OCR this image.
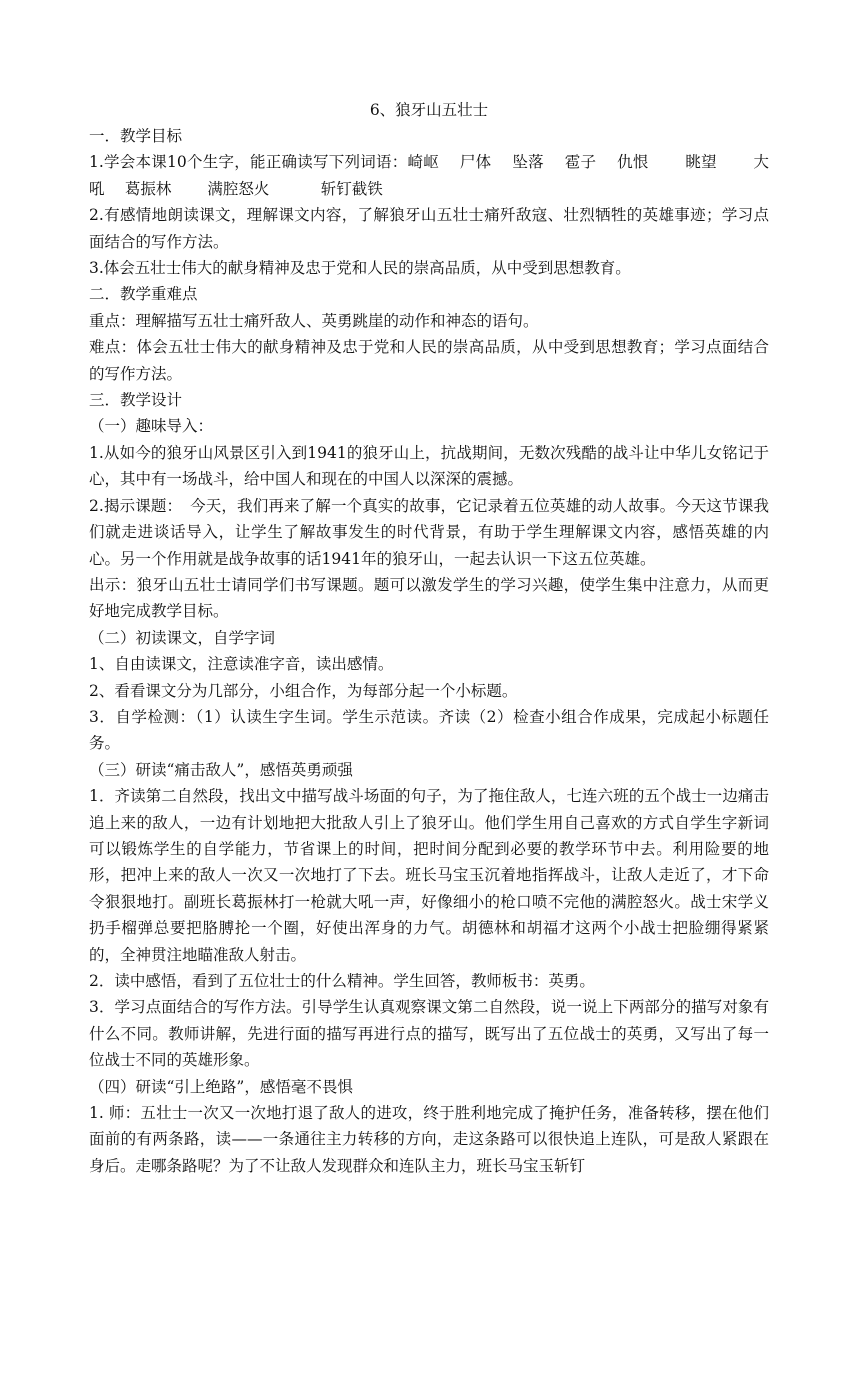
6、狼牙山五壮士

一．教学目标

1.学会本课10个生字，能正确读写下列词语：崎岖　 尸体　 坠落　 雹子　 仇恨　　 眺望　　 大吼　 葛振林　　 满腔怒火　　　 斩钉截铁

2.有感情地朗读课文，理解课文内容，了解狼牙山五壮士痛歼敌寇、壮烈牺牲的英雄事迹；学习点面结合的写作方法。

3.体会五壮士伟大的献身精神及忠于党和人民的崇高品质，从中受到思想教育。

二．教学重难点

重点：理解描写五壮士痛歼敌人、英勇跳崖的动作和神态的语句。

难点：体会五壮士伟大的献身精神及忠于党和人民的崇高品质，从中受到思想教育；学习点面结合的写作方法。

三．教学设计

（一）趣味导入：

1.从如今的狼牙山风景区引入到1941的狼牙山上，抗战期间，无数次残酷的战斗让中华儿女铭记于心，其中有一场战斗，给中国人和现在的中国人以深深的震撼。

2.揭示课题：　今天，我们再来了解一个真实的故事，它记录着五位英雄的动人故事。今天这节课我们就走进谈话导入，让学生了解故事发生的时代背景，有助于学生理解课文内容，感悟英雄的内心。另一个作用就是战争故事的话1941年的狼牙山，一起去认识一下这五位英雄。

出示：狼牙山五壮士请同学们书写课题。题可以激发学生的学习兴趣，使学生集中注意力，从而更好地完成教学目标。

（二）初读课文，自学字词

1、自由读课文，注意读准字音，读出感情。

2、看看课文分为几部分，小组合作，为每部分起一个小标题。

3．自学检测：（1）认读生字生词。学生示范读。齐读（2）检查小组合作成果，完成起小标题任务。

（三）研读“痛击敌人”，感悟英勇顽强

1．齐读第二自然段，找出文中描写战斗场面的句子，为了拖住敌人，七连六班的五个战士一边痛击追上来的敌人，一边有计划地把大批敌人引上了狼牙山。他们学生用自己喜欢的方式自学生字新词可以锻炼学生的自学能力，节省课上的时间，把时间分配到必要的教学环节中去。利用险要的地形，把冲上来的敌人一次又一次地打了下去。班长马宝玉沉着地指挥战斗，让敌人走近了，才下命令狠狠地打。副班长葛振林打一枪就大吼一声，好像细小的枪口喷不完他的满腔怒火。战士宋学义扔手榴弹总要把胳膊抡一个圈，好使出浑身的力气。胡德林和胡福才这两个小战士把脸绷得紧紧的，全神贯注地瞄准敌人射击。

2．读中感悟，看到了五位壮士的什么精神。学生回答，教师板书：英勇。

3．学习点面结合的写作方法。引导学生认真观察课文第二自然段，说一说上下两部分的描写对象有什么不同。教师讲解，先进行面的描写再进行点的描写，既写出了五位战士的英勇，又写出了每一位战士不同的英雄形象。

（四）研读“引上绝路”，感悟毫不畏惧

1. 师：五壮士一次又一次地打退了敌人的进攻，终于胜利地完成了掩护任务，准备转移，摆在他们面前的有两条路，读——一条通往主力转移的方向，走这条路可以很快追上连队，可是敌人紧跟在身后。走哪条路呢？为了不让敌人发现群众和连队主力，班长马宝玉斩钉
